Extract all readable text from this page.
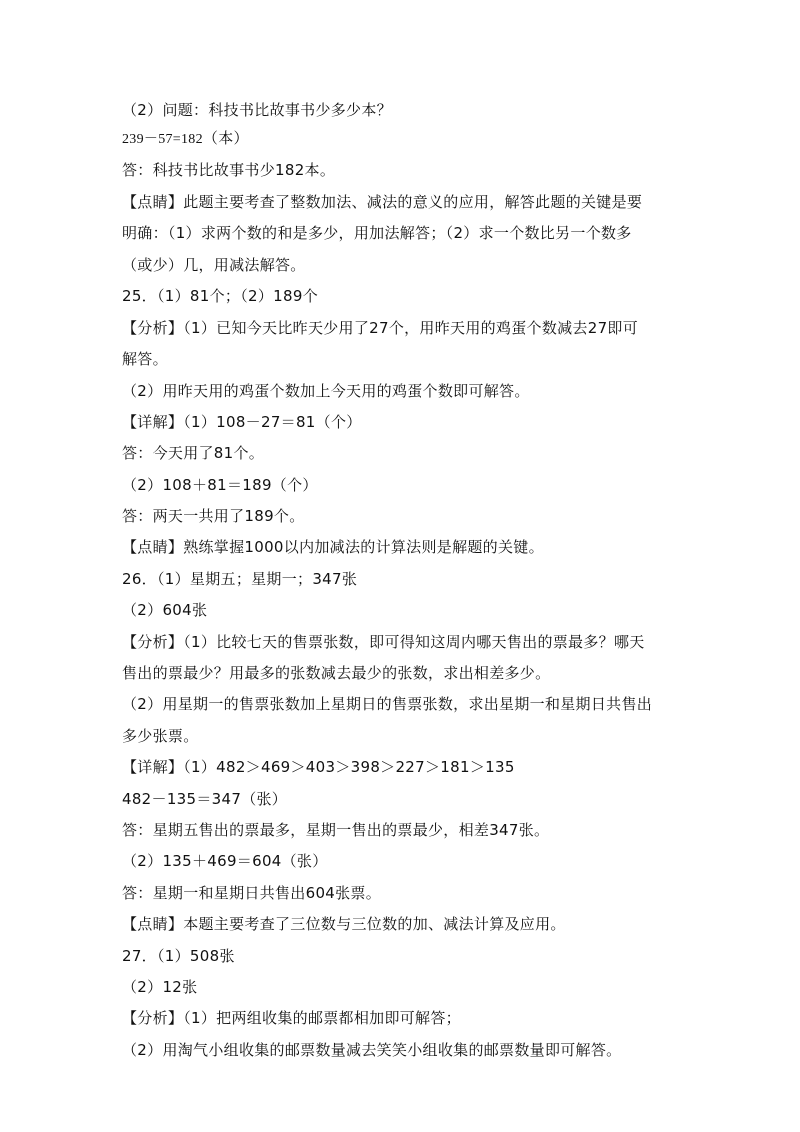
（2）问题：科技书比故事书少多少本？
239－57=182（本）
答：科技书比故事书少182本。
【点睛】此题主要考查了整数加法、减法的意义的应用，解答此题的关键是要
明确：（1）求两个数的和是多少，用加法解答；（2）求一个数比另一个数多
（或少）几，用减法解答。
25．（1）81个；（2）189个
【分析】（1）已知今天比昨天少用了27个，用昨天用的鸡蛋个数减去27即可
解答。
（2）用昨天用的鸡蛋个数加上今天用的鸡蛋个数即可解答。
【详解】（1）108－27＝81（个）
答：今天用了81个。
（2）108＋81＝189（个）
答：两天一共用了189个。
【点睛】熟练掌握1000以内加减法的计算法则是解题的关键。
26．（1）星期五；星期一；347张
（2）604张
【分析】（1）比较七天的售票张数，即可得知这周内哪天售出的票最多？哪天
售出的票最少？用最多的张数减去最少的张数，求出相差多少。
（2）用星期一的售票张数加上星期日的售票张数，求出星期一和星期日共售出
多少张票。
【详解】（1）482＞469＞403＞398＞227＞181＞135
482－135＝347（张）
答：星期五售出的票最多，星期一售出的票最少，相差347张。
（2）135＋469＝604（张）
答：星期一和星期日共售出604张票。
【点睛】本题主要考查了三位数与三位数的加、减法计算及应用。
27．（1）508张
（2）12张
【分析】（1）把两组收集的邮票都相加即可解答；
（2）用淘气小组收集的邮票数量减去笑笑小组收集的邮票数量即可解答。
